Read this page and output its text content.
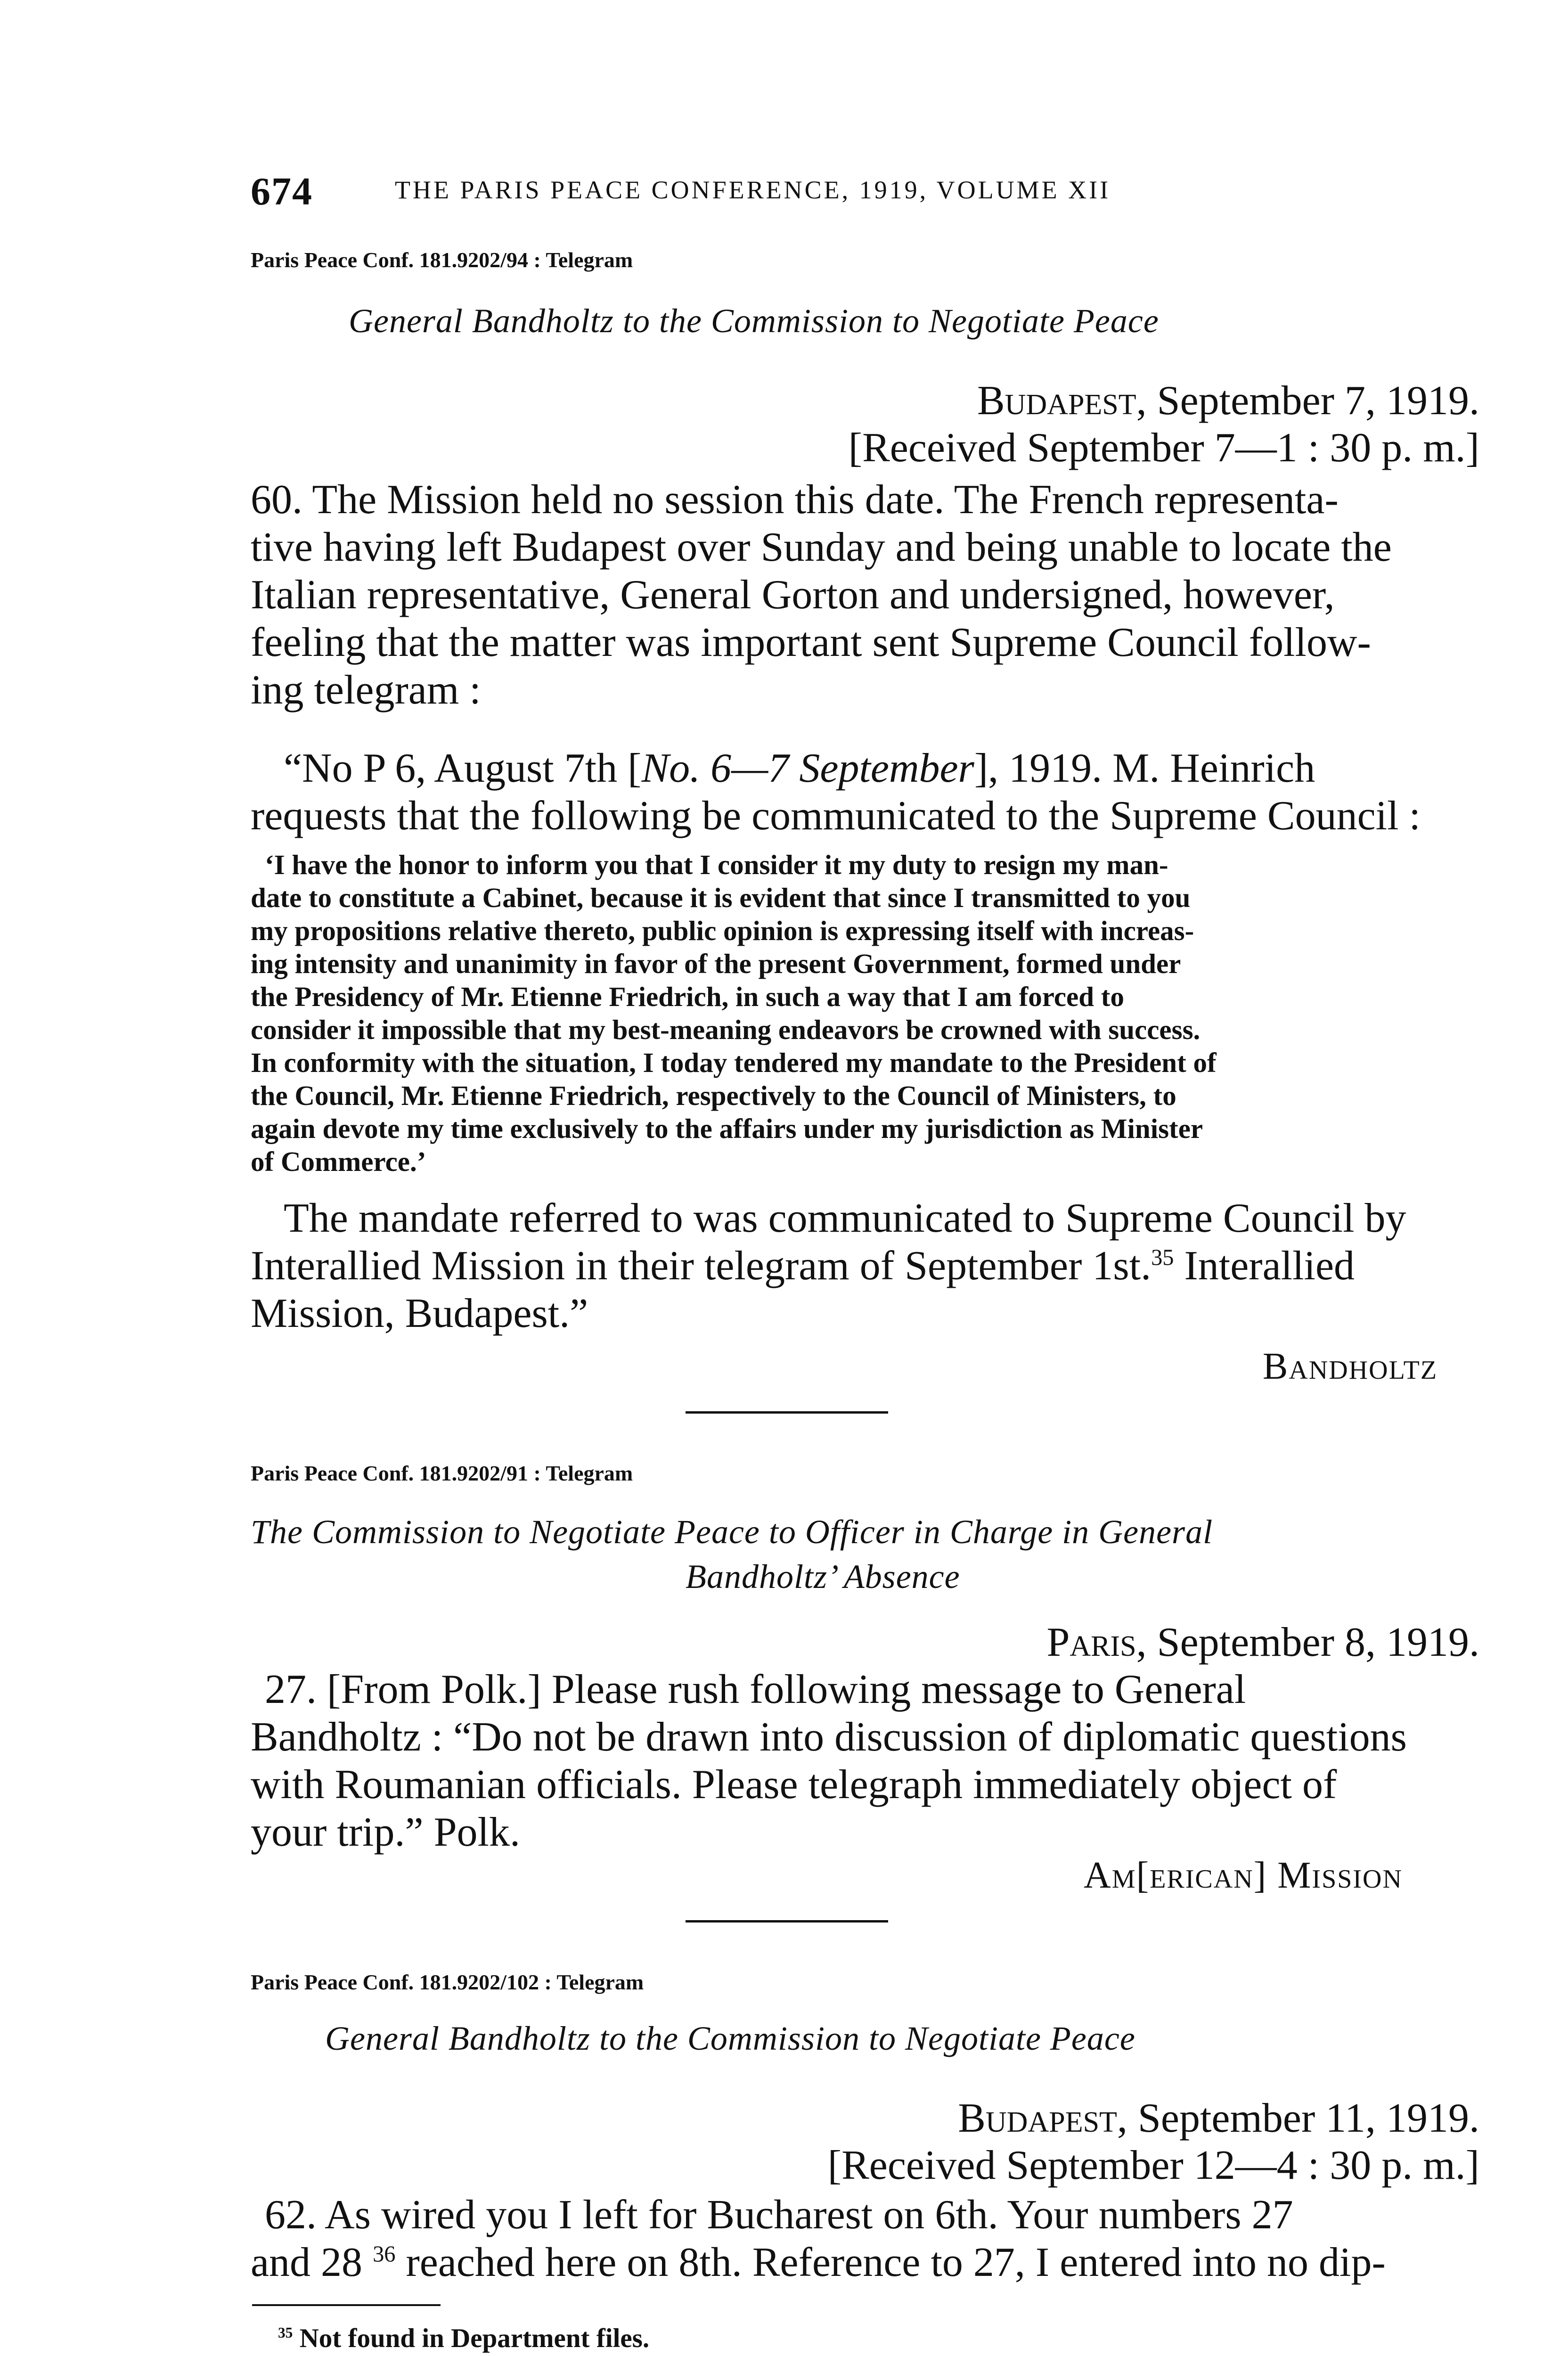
674	THE PARIS PEACE CONFERENCE, 1919, VOLUME XII
Paris Peace Conf. 181.9202/94 : Telegram
General Bandholtz to the Commission to Negotiate Peace
Budapest, September 7, 1919.
[Received September 7—1 : 30 p. m.]
60. The Mission held no session this date. The French representa-
tive having left Budapest over Sunday and being unable to locate the
Italian representative, General Gorton and undersigned, however,
feeling that the matter was important sent Supreme Council follow-
ing telegram :
“No P 6, August 7th [No. 6—7 September], 1919. M. Heinrich
requests that the following be communicated to the Supreme Council :
‘I have the honor to inform you that I consider it my duty to resign my man-
date to constitute a Cabinet, because it is evident that since I transmitted to you
my propositions relative thereto, public opinion is expressing itself with increas-
ing intensity and unanimity in favor of the present Government, formed under
the Presidency of Mr. Etienne Friedrich, in such a way that I am forced to
consider it impossible that my best-meaning endeavors be crowned with success.
In conformity with the situation, I today tendered my mandate to the President of
the Council, Mr. Etienne Friedrich, respectively to the Council of Ministers, to
again devote my time exclusively to the affairs under my jurisdiction as Minister
of Commerce.’
The mandate referred to was communicated to Supreme Council by
Interallied Mission in their telegram of September 1st.$^{35}$ Interallied
Mission, Budapest.”
Bandholtz
Paris Peace Conf. 181.9202/91 : Telegram
The Commission to Negotiate Peace to Officer in Charge in General
Bandholtz’ Absence
Paris, September 8, 1919.
27. [From Polk.] Please rush following message to General
Bandholtz : “Do not be drawn into discussion of diplomatic questions
with Roumanian officials. Please telegraph immediately object of
your trip.” Polk.
Am[erican] Mission
Paris Peace Conf. 181.9202/102 : Telegram
General Bandholtz to the Commission to Negotiate Peace
Budapest, September 11, 1919.
[Received September 12—4 : 30 p. m.]
62. As wired you I left for Bucharest on 6th. Your numbers 27
and 28 $^{36}$ reached here on 8th. Reference to 27, I entered into no dip-
$^{35}$ Not found in Department files.
